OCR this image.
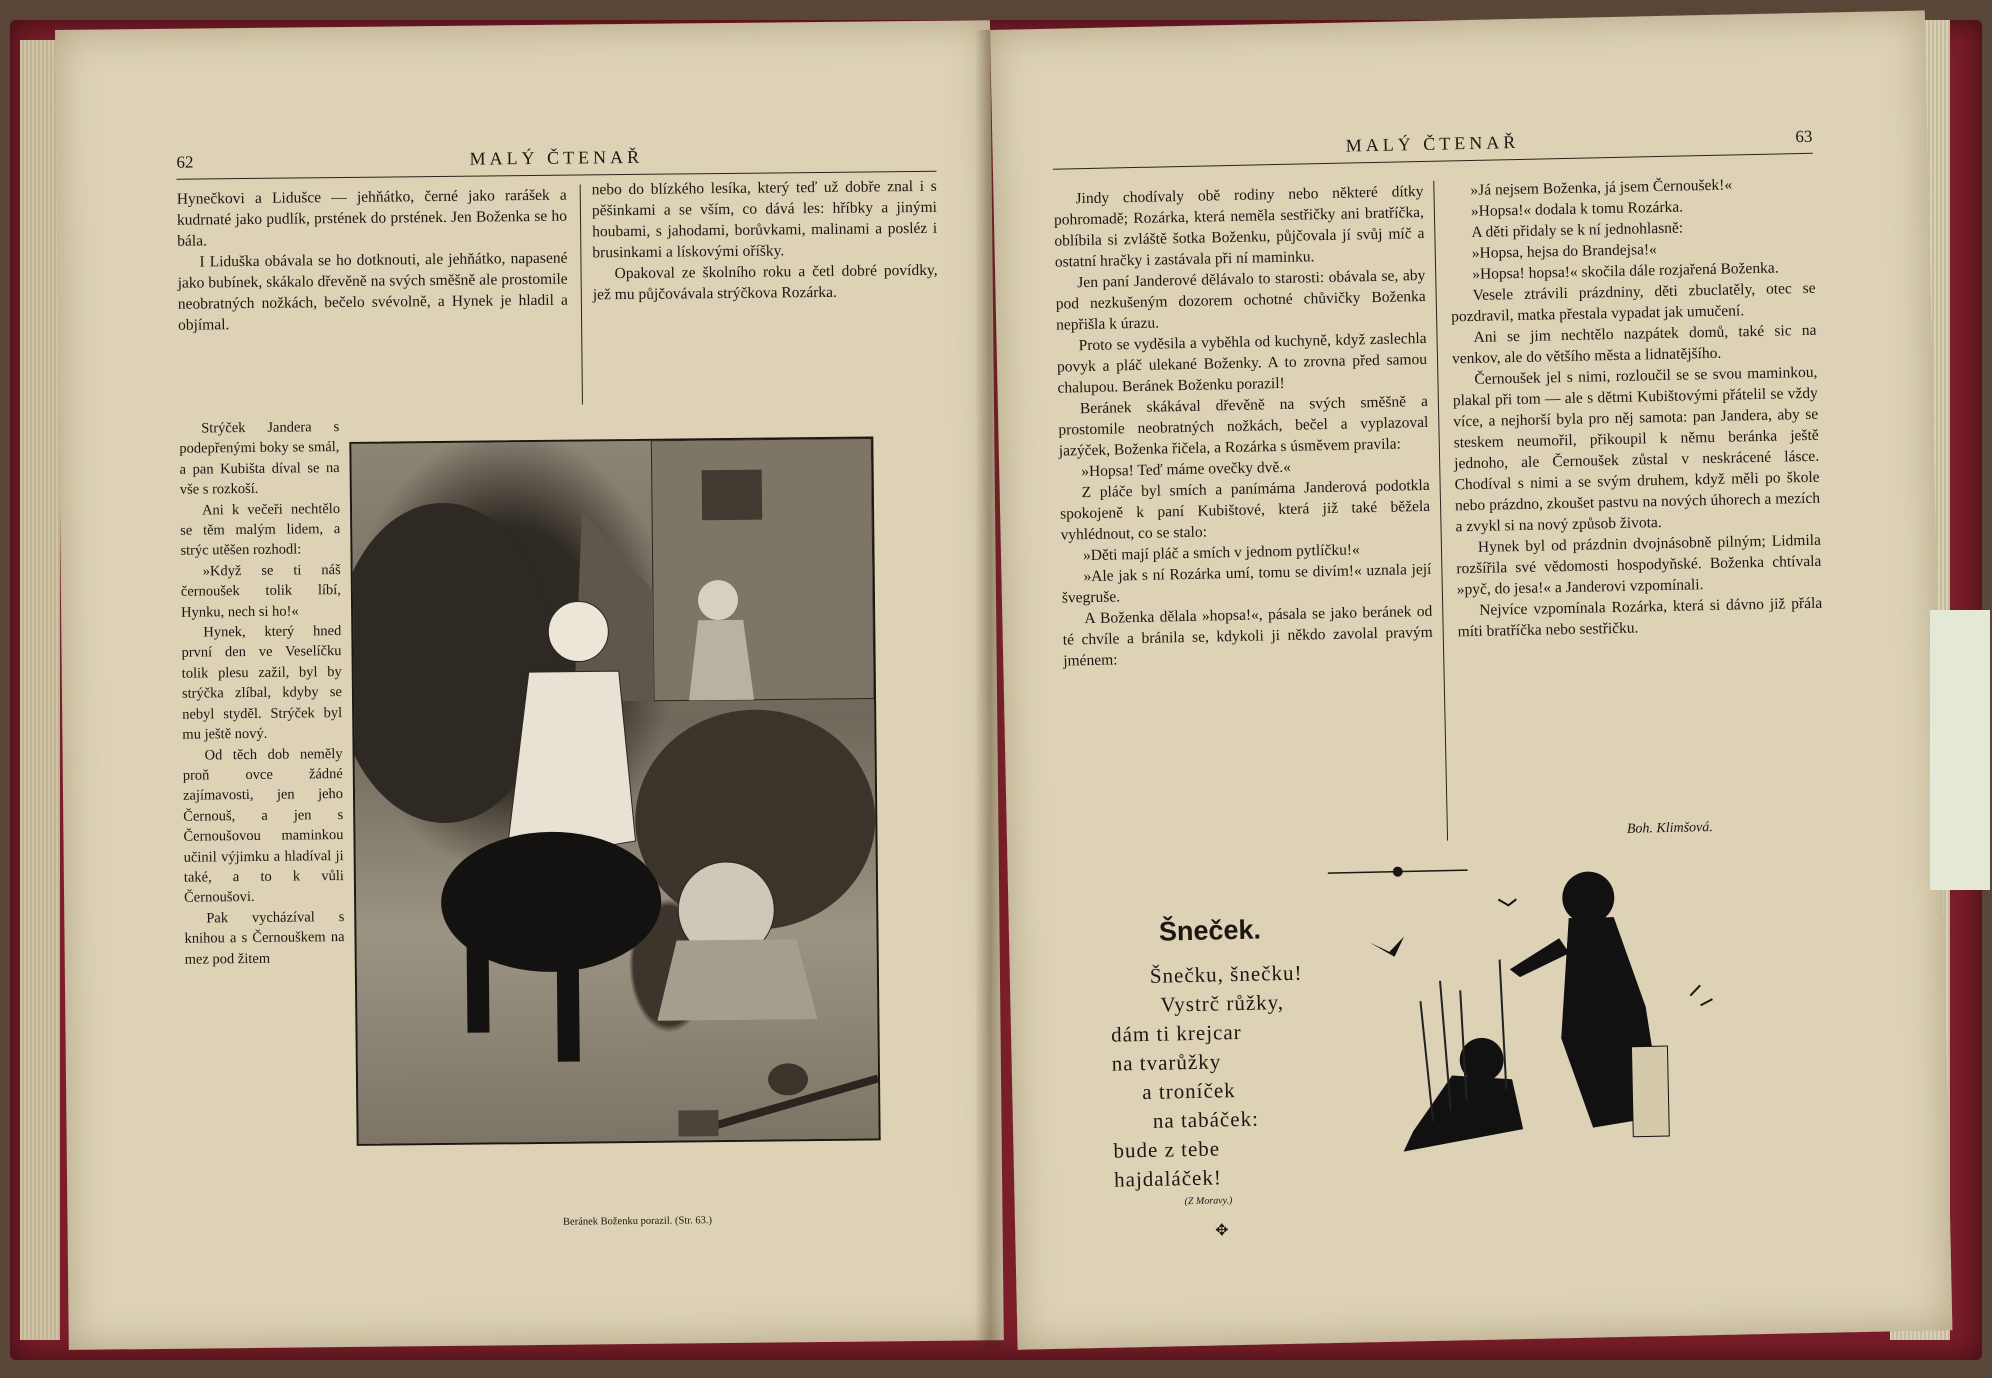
62	MALÝ ČTENAŘ

Hynečkovi a Lidušce — jehňátko, černé jako rarášek a kudrnaté jako pudlík, prstének do prstének. Jen Boženka se ho bála.

I Liduška obávala se ho dotknouti, ale jehňátko, napasené jako bubínek, skákalo dřevěně na svých směšně ale prostomile neobratných nožkách, bečelo svévolně, a Hynek je hladil a objímal.

Strýček Jandera s podepřenými boky se smál, a pan Kubišta díval se na vše s rozkoší.

Ani k večeři nechtělo se těm malým lidem, a strýc utěšen rozhodl:

»Když se ti náš černoušek tolik líbí, Hynku, nech si ho!«

Hynek, který hned první den ve Veselíčku tolik plesu zažil, byl by strýčka zlíbal, kdyby se nebyl styděl. Strýček byl mu ještě nový.

Od těch dob neměly proň ovce žádné zajímavosti, jen jeho Černouš, a jen s Černoušovou maminkou učinil výjimku a hladíval ji také, a to k vůli Černoušovi.

Pak vycházíval s knihou a s Černouškem na mez pod žitem

nebo do blízkého lesíka, který teď už dobře znal i s pěšinkami a se vším, co dává les: hříbky a jinými houbami, s jahodami, borůvkami, malinami a posléz i brusinkami a lískovými oříšky.

Opakoval ze školního roku a četl dobré povídky, jež mu půjčovávala strýčkova Rozárka.

Beránek Boženku porazil. (Str. 63.)
MALÝ ČTENAŘ	63

Jindy chodívaly obě rodiny nebo některé dítky pohromadě; Rozárka, která neměla sestřičky ani bratříčka, oblíbila si zvláště šotka Boženku, půjčovala jí svůj míč a ostatní hračky i zastávala při ní maminku.

Jen paní Janderové dělávalo to starosti: obávala se, aby pod nezkušeným dozorem ochotné chůvičky Boženka nepřišla k úrazu.

Proto se vyděsila a vyběhla od kuchyně, když zaslechla povyk a pláč ulekané Boženky. A to zrovna před samou chalupou. Beránek Boženku porazil!

Beránek skákával dřevěně na svých směšně a prostomile neobratných nožkách, bečel a vyplazoval jazýček, Boženka řičela, a Rozárka s úsměvem pravila:

»Hopsa! Teď máme ovečky dvě.«

Z pláče byl smích a panímáma Janderová podotkla spokojeně k paní Kubištové, která již také běžela vyhlédnout, co se stalo:

»Děti mají pláč a smích v jednom pytlíčku!«

»Ale jak s ní Rozárka umí, tomu se divím!« uznala její švegruše.

A Boženka dělala »hopsa!«, pásala se jako beránek od té chvíle a bránila se, kdykoli ji někdo zavolal pravým jménem:

»Já nejsem Boženka, já jsem Černoušek!«

»Hopsa!« dodala k tomu Rozárka.

A děti přidaly se k ní jednohlasně:

»Hopsa, hejsa do Brandejsa!«

»Hopsa! hopsa!« skočila dále rozjařená Boženka.

Vesele ztrávili prázdniny, děti zbuclatěly, otec se pozdravil, matka přestala vypadat jak umučení.

Ani se jim nechtělo nazpátek domů, také sic na venkov, ale do většího města a lidnatějšího.

Černoušek jel s nimi, rozloučil se se svou maminkou, plakal při tom — ale s dětmi Kubištovými přátelil se vždy více, a nejhorší byla pro něj samota: pan Jandera, aby se steskem neumořil, přikoupil k němu beránka ještě jednoho, ale Černoušek zůstal v neskrácené lásce. Chodíval s nimi a se svým druhem, když měli po škole nebo prázdno, zkoušet pastvu na nových úhorech a mezích a zvykl si na nový způsob života.

Hynek byl od prázdnin dvojnásobně pilným; Lidmila rozšířila své vědomosti hospodyňské. Boženka chtívala »pyč, do jesa!« a Janderovi vzpomínali.

Nejvíce vzpomínala Rozárka, která si dávno již přála míti bratříčka nebo sestřičku.

Boh. Klimšová.
Šneček.
Šnečku, šnečku!
Vystrč růžky,
dám ti krejcar
na tvarůžky
a troníček
na tabáček:
bude z tebe
hajdaláček!
(Z Moravy.)
✥
